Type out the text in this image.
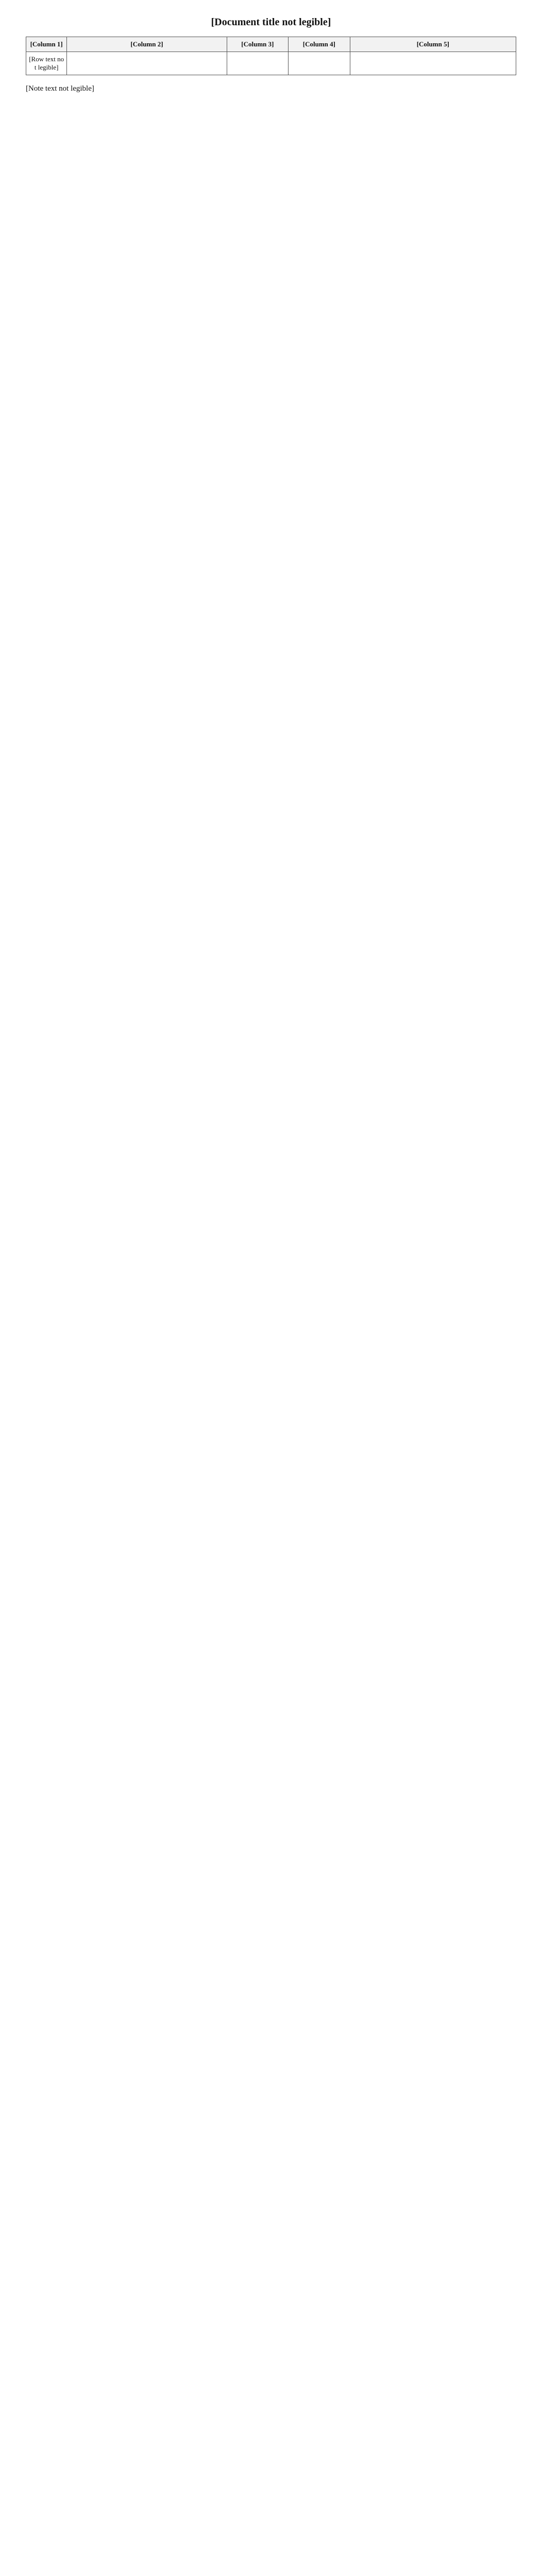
[Document title not legible]
[Column 1]	[Column 2]	[Column 3]	[Column 4]	[Column 5]
[Row text not legible]				
[Note text not legible]
